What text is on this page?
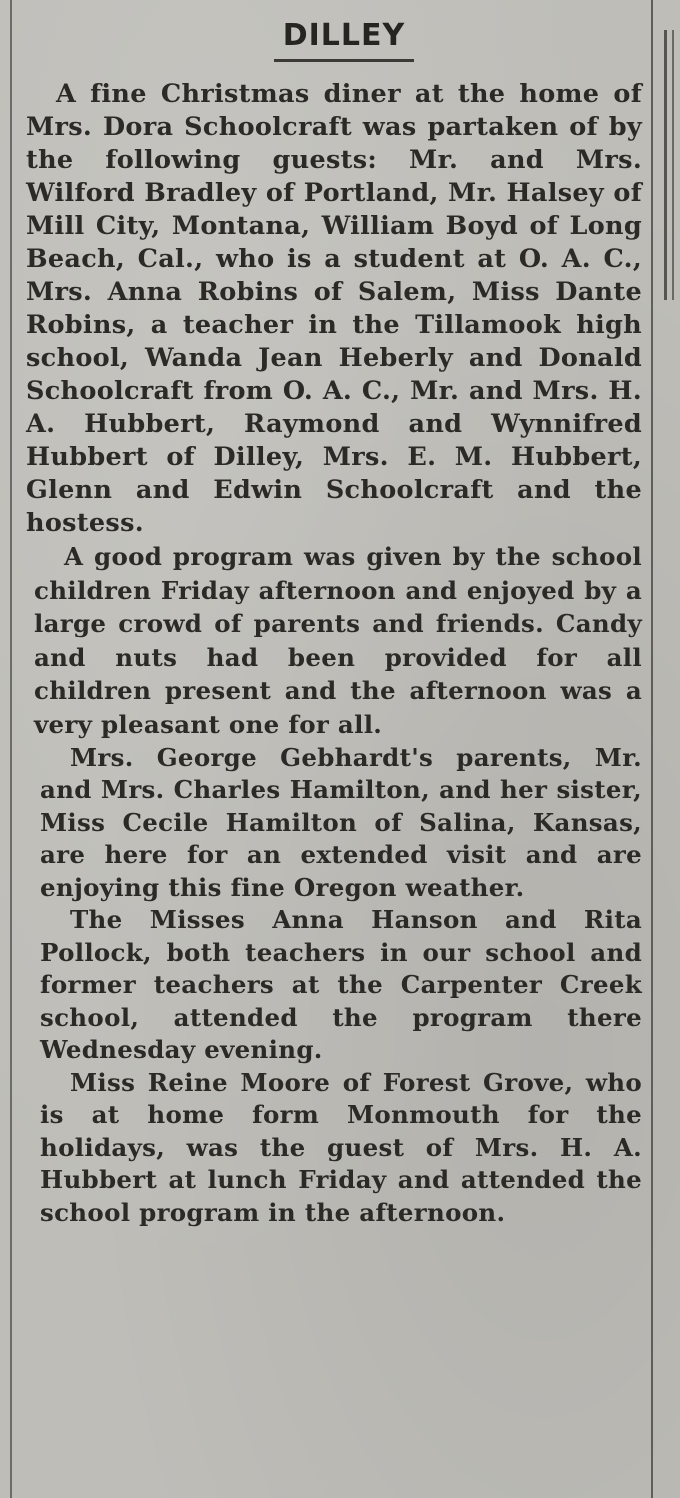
DILLEY

A fine Christmas diner at the home of Mrs. Dora Schoolcraft was partaken of by the following guests: Mr. and Mrs. Wilford Bradley of Portland, Mr. Halsey of Mill City, Montana, William Boyd of Long Beach, Cal., who is a student at O. A. C., Mrs. Anna Robins of Salem, Miss Dante Robins, a teacher in the Tillamook high school, Wanda Jean Heberly and Donald Schoolcraft from O. A. C., Mr. and Mrs. H. A. Hubbert, Raymond and Wynnifred Hubbert of Dilley, Mrs. E. M. Hubbert, Glenn and Edwin Schoolcraft and the hostess.

A good program was given by the school children Friday afternoon and enjoyed by a large crowd of parents and friends. Candy and nuts had been provided for all children present and the afternoon was a very pleasant one for all.

Mrs. George Gebhardt's parents, Mr. and Mrs. Charles Hamilton, and her sister, Miss Cecile Hamilton of Salina, Kansas, are here for an extended visit and are enjoying this fine Oregon weather.

The Misses Anna Hanson and Rita Pollock, both teachers in our school and former teachers at the Carpenter Creek school, attended the program there Wednesday evening.

Miss Reine Moore of Forest Grove, who is at home form Monmouth for the holidays, was the guest of Mrs. H. A. Hubbert at lunch Friday and attended the school program in the afternoon.
